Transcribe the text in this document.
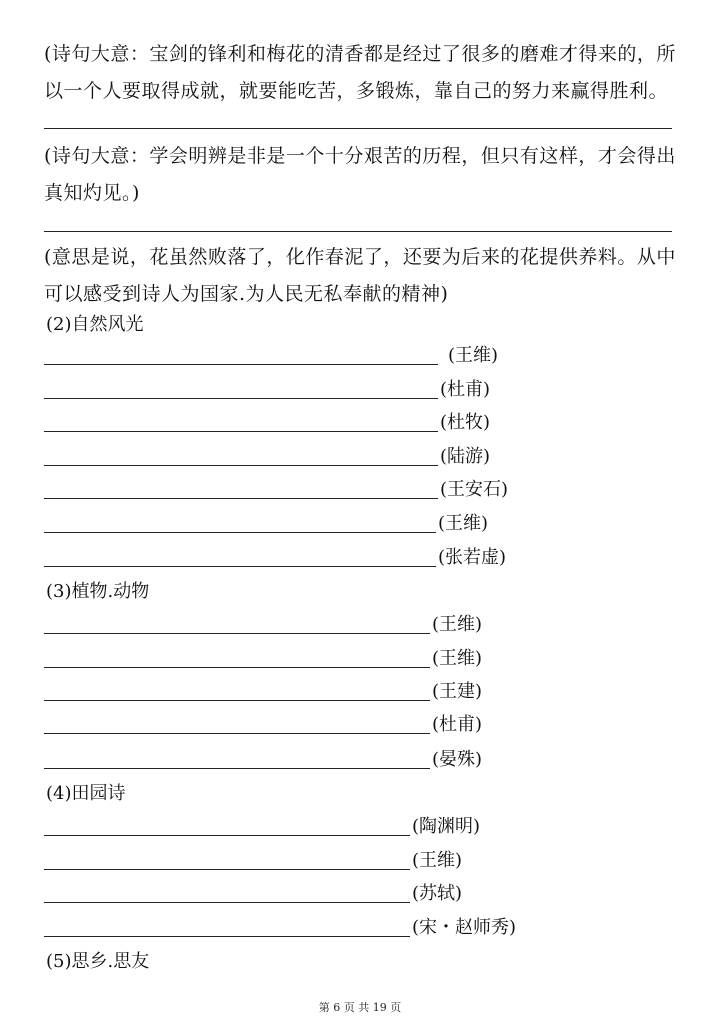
(诗句大意：宝剑的锋利和梅花的清香都是经过了很多的磨难才得来的，所以一个人要取得成就，就要能吃苦，多锻炼，靠自己的努力来赢得胜利。

(诗句大意：学会明辨是非是一个十分艰苦的历程，但只有这样，才会得出真知灼见。)

(意思是说，花虽然败落了，化作春泥了，还要为后来的花提供养料。从中可以感受到诗人为国家.为人民无私奉献的精神)

(2)自然风光

(王维)
(杜甫)
(杜牧)
(陆游)
(王安石)
(王维)
(张若虚)

(3)植物.动物

(王维)
(王维)
(王建)
(杜甫)
(晏殊)

(4)田园诗

(陶渊明)
(王维)
(苏轼)
(宋・赵师秀)

(5)思乡.思友

第 6 页 共 19 页
